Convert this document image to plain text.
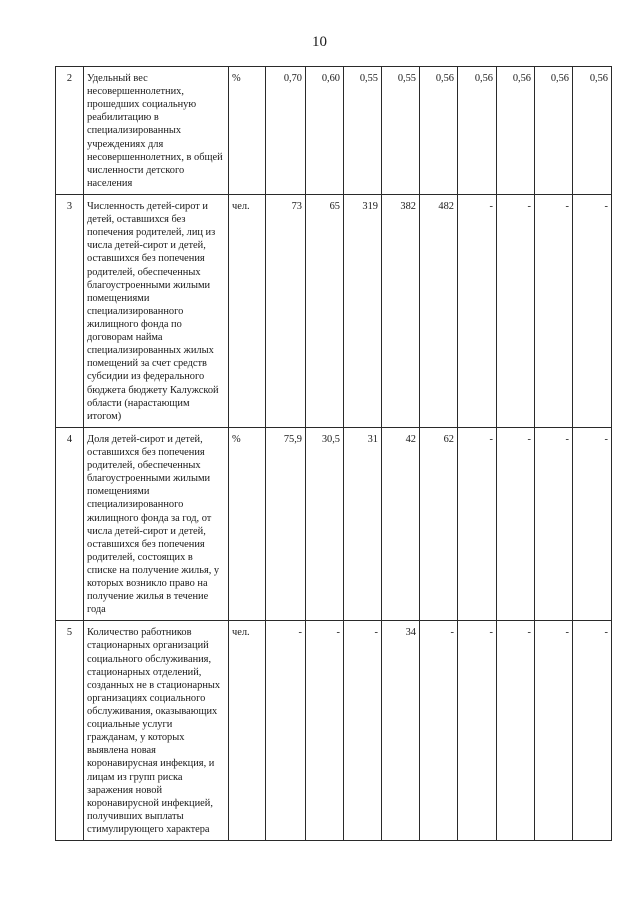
10
2	Удельный вес несовершеннолетних, прошедших социальную реабилитацию в специализированных учреждениях для несовершеннолетних, в общей численности детского населения	%	0,70	0,60	0,55	0,55	0,56	0,56	0,56	0,56	0,56
3	Численность детей-сирот и детей, оставшихся без попечения родителей, лиц из числа детей-сирот и детей, оставшихся без попечения родителей, обеспеченных благоустроенными жилыми помещениями специализированного жилищного фонда по договорам найма специализированных жилых помещений за счет средств субсидии из федерального бюджета бюджету Калужской области (нарастающим итогом)	чел.	73	65	319	382	482	-	-	-	-
4	Доля детей-сирот и детей, оставшихся без попечения родителей, обеспеченных благоустроенными жилыми помещениями специализированного жилищного фонда за год, от числа детей-сирот и детей, оставшихся без попечения родителей, состоящих в списке на получение жилья, у которых возникло право на получение жилья в течение года	%	75,9	30,5	31	42	62	-	-	-	-
5	Количество работников стационарных организаций социального обслуживания, стационарных отделений, созданных не в стационарных организациях социального обслуживания, оказывающих социальные услуги гражданам, у которых выявлена новая коронавирусная инфекция, и лицам из групп риска заражения новой коронавирусной инфекцией, получивших выплаты стимулирующего характера	чел.	-	-	-	34	-	-	-	-	-
